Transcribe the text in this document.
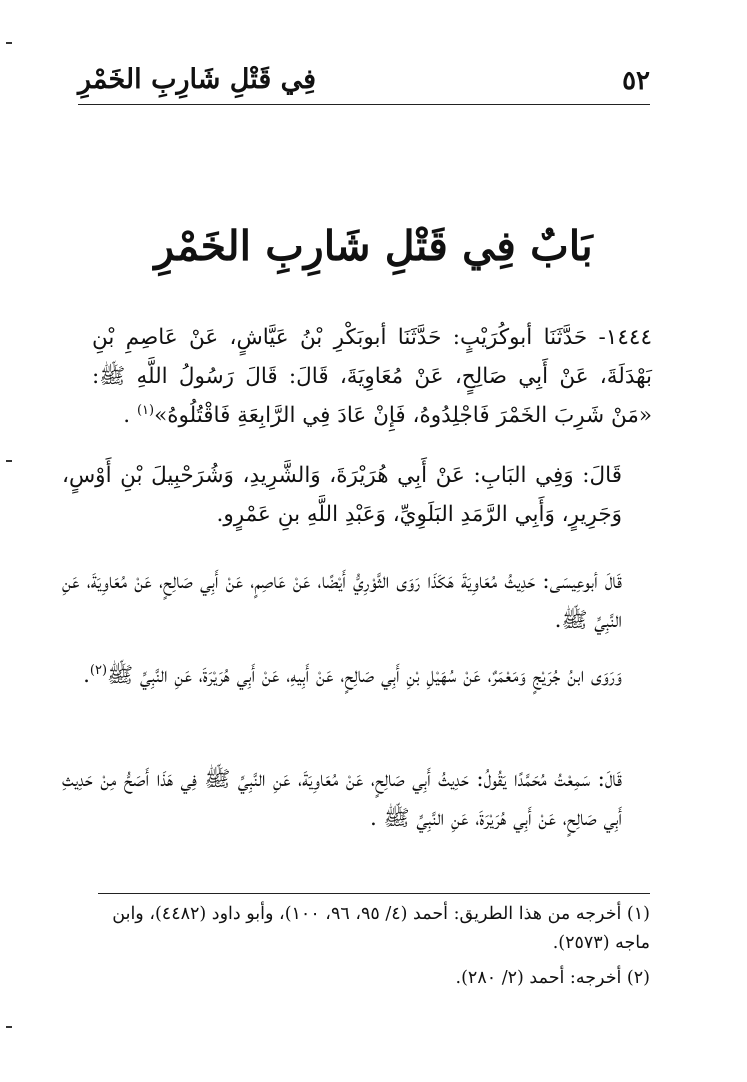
٥٢
فِي قَتْلِ شَارِبِ الخَمْرِ
بَابٌ فِي قَتْلِ شَارِبِ الخَمْرِ
١٤٤٤- حَدَّثَنَا أبوكُرَيْبٍ: حَدَّثَنَا أبوبَكْرِ بْنُ عَيَّاشٍ، عَنْ عَاصِمِ بْنِ بَهْدَلَةَ، عَنْ أَبِي صَالِحٍ، عَنْ مُعَاوِيَةَ، قَالَ: قَالَ رَسُولُ اللَّهِ ﷺ: «مَنْ شَرِبَ الخَمْرَ فَاجْلِدُوهُ، فَإِنْ عَادَ فِي الرَّابِعَةِ فَاقْتُلُوهُ»$^{(١)}$ .
قَالَ: وَفِي البَابِ: عَنْ أَبِي هُرَيْرَةَ، وَالشَّرِيدِ، وَشُرَحْبِيلَ بْنِ أَوْسٍ، وَجَرِيرٍ، وَأَبِي الرَّمَدِ البَلَوِيِّ، وَعَبْدِ اللَّهِ بنِ عَمْرٍو.
قَالَ أبوعِيسَى: حَدِيثُ مُعَاوِيَةَ هَكَذَا رَوَى الثَّوْرِيُّ أَيْضًا، عَنْ عَاصِمٍ، عَنْ أَبِي صَالِحٍ، عَنْ مُعَاوِيَةَ، عَنِ النَّبِيِّ ﷺ.
وَرَوَى ابنُ جُرَيْجٍ وَمَعْمَرٌ، عَنْ سُهَيْلِ بْنِ أَبِي صَالِحٍ، عَنْ أَبِيهِ، عَنْ أَبِي هُرَيْرَةَ، عَنِ النَّبِيِّ ﷺ$^{(٢)}$.
قَالَ: سَمِعْتُ مُحَمَّدًا يَقُولُ: حَدِيثُ أَبِي صَالِحٍ، عَنْ مُعَاوِيَةَ، عَنِ النَّبِيِّ ﷺ فِي هَذَا أَصَحُّ مِنْ حَدِيثِ أَبِي صَالِحٍ، عَنْ أَبِي هُرَيْرَةَ، عَنِ النَّبِيِّ ﷺ .

(١) أخرجه من هذا الطريق: أحمد (٤/ ٩٥، ٩٦، ١٠٠)، وأبو داود (٤٤٨٢)، وابن ماجه (٢٥٧٣).

(٢) أخرجه: أحمد (٢/ ٢٨٠).
